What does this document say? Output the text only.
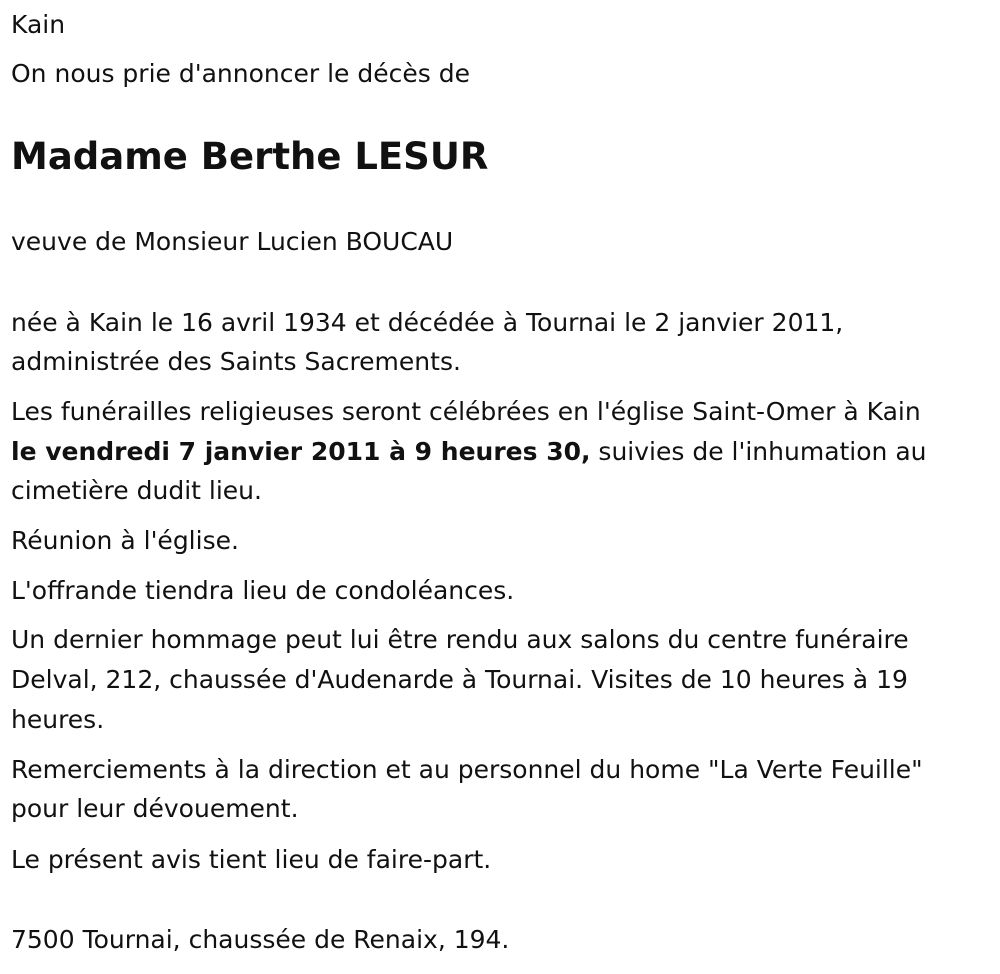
Kain
On nous prie d'annoncer le décès de
Madame Berthe LESUR
veuve de Monsieur Lucien BOUCAU
née à Kain le 16 avril 1934 et décédée à Tournai le 2 janvier 2011,
administrée des Saints Sacrements.
Les funérailles religieuses seront célébrées en l'église Saint-Omer à Kain
le vendredi 7 janvier 2011 à 9 heures 30, suivies de l'inhumation au
cimetière dudit lieu.
Réunion à l'église.
L'offrande tiendra lieu de condoléances.
Un dernier hommage peut lui être rendu aux salons du centre funéraire
Delval, 212, chaussée d'Audenarde à Tournai. Visites de 10 heures à 19
heures.
Remerciements à la direction et au personnel du home "La Verte Feuille"
pour leur dévouement.
Le présent avis tient lieu de faire-part.
7500 Tournai, chaussée de Renaix, 194.
